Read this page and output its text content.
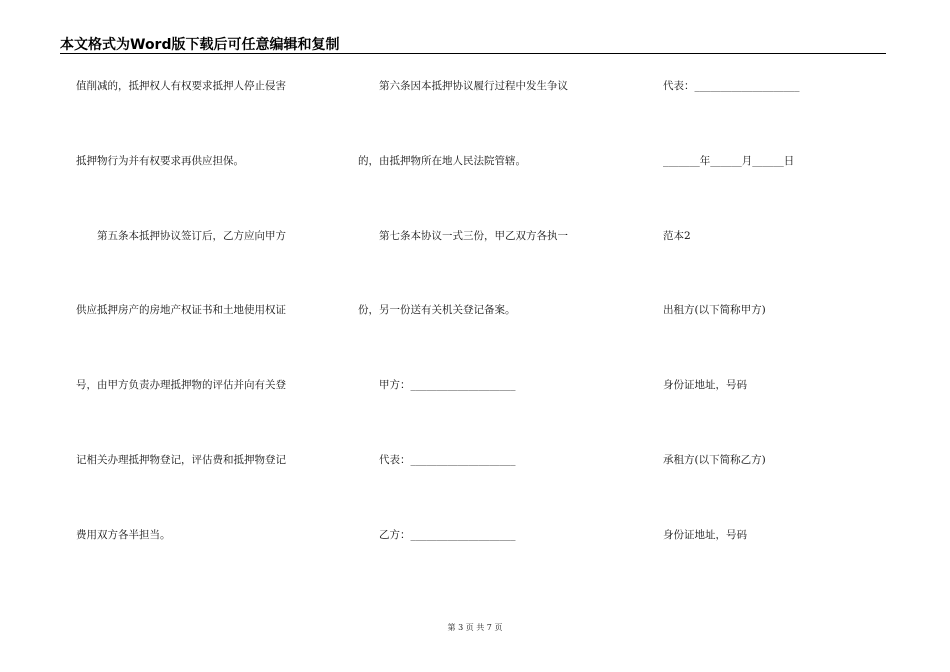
本文格式为Word版下载后可任意编辑和复制
值削减的，抵押权人有权要求抵押人停止侵害
抵押物行为并有权要求再供应担保。
　　第五条本抵押协议签订后，乙方应向甲方
供应抵押房产的房地产权证书和土地使用权证
号，由甲方负责办理抵押物的评估并向有关登
记相关办理抵押物登记，评估费和抵押物登记
费用双方各半担当。
　　第六条因本抵押协议履行过程中发生争议
的，由抵押物所在地人民法院管辖。
　　第七条本协议一式三份，甲乙双方各执一
份，另一份送有关机关登记备案。
　　甲方：____________________
　　代表：____________________
　　乙方：____________________
代表：____________________
_______年______月______日
范本2
出租方(以下简称甲方)
身份证地址，号码
承租方(以下简称乙方)
身份证地址，号码
第 3 页 共 7 页
